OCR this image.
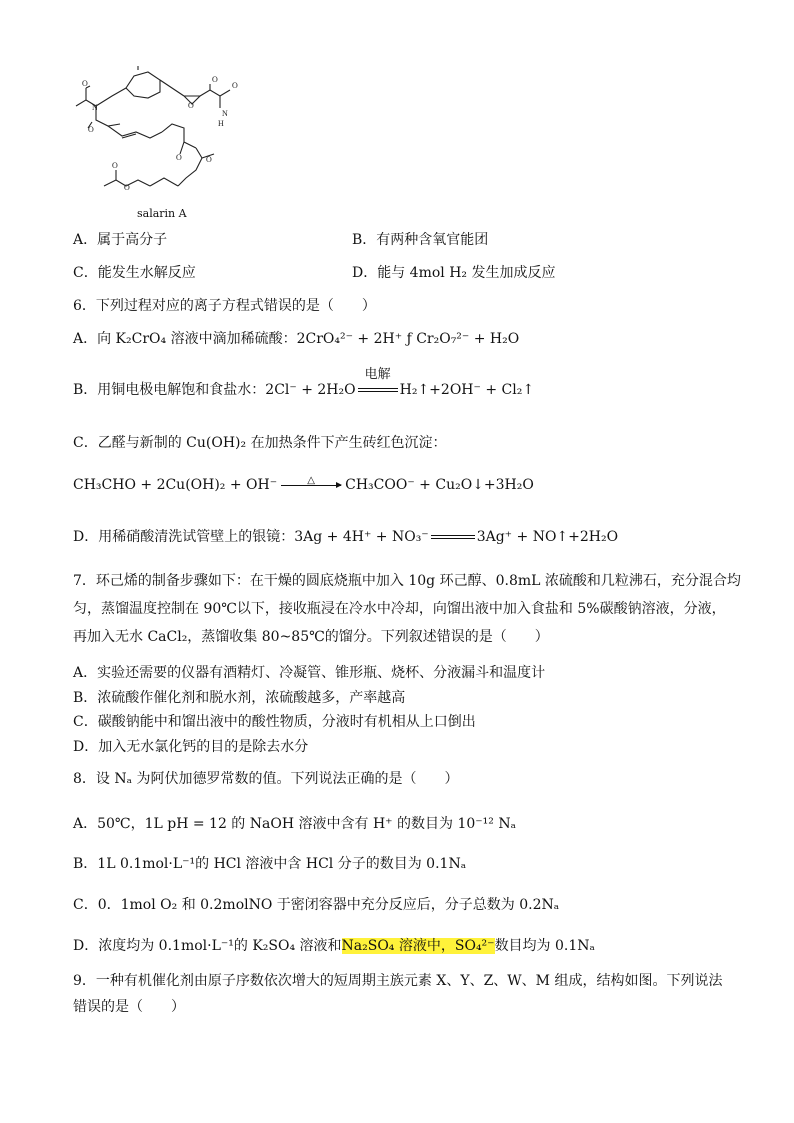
N
O
O
O
O
N
H
O
O	O
O
O
salarin A
A．属于高分子	B．有两种含氧官能团
C．能发生水解反应	D．能与 4mol H₂ 发生加成反应
6．下列过程对应的离子方程式错误的是（　　）
A．向 K₂CrO₄ 溶液中滴加稀硫酸：2CrO₄²⁻ + 2H⁺ ƒ Cr₂O₇²⁻ + H₂O
B．用铜电极电解饱和食盐水：2Cl⁻ + 2H₂O
电解
H₂↑+2OH⁻ + Cl₂↑
C．乙醛与新制的 Cu(OH)₂ 在加热条件下产生砖红色沉淀：
CH₃CHO + 2Cu(OH)₂ + OH⁻	△	CH₃COO⁻ + Cu₂O↓+3H₂O
D．用稀硝酸清洗试管壁上的银镜：3Ag + 4H⁺ + NO₃⁻	3Ag⁺ + NO↑+2H₂O
7．环己烯的制备步骤如下：在干燥的圆底烧瓶中加入 10g 环己醇、0.8mL 浓硫酸和几粒沸石，充分混合均
匀，蒸馏温度控制在 90℃以下，接收瓶浸在冷水中冷却，向馏出液中加入食盐和 5%碳酸钠溶液，分液，
再加入无水 CaCl₂，蒸馏收集 80~85℃的馏分。下列叙述错误的是（　　）
A．实验还需要的仪器有酒精灯、冷凝管、锥形瓶、烧杯、分液漏斗和温度计
B．浓硫酸作催化剂和脱水剂，浓硫酸越多，产率越高
C．碳酸钠能中和馏出液中的酸性物质，分液时有机相从上口倒出
D．加入无水氯化钙的目的是除去水分
8．设 Nₐ 为阿伏加德罗常数的值。下列说法正确的是（　　）
A．50℃，1L pH = 12 的 NaOH 溶液中含有 H⁺ 的数目为 10⁻¹² Nₐ
B．1L 0.1mol·L⁻¹的 HCl 溶液中含 HCl 分子的数目为 0.1Nₐ
C．0．1mol O₂ 和 0.2molNO 于密闭容器中充分反应后，分子总数为 0.2Nₐ
D．浓度均为 0.1mol·L⁻¹的 K₂SO₄ 溶液和Na₂SO₄ 溶液中，SO₄²⁻数目均为 0.1Nₐ
9．一种有机催化剂由原子序数依次增大的短周期主族元素 X、Y、Z、W、M 组成，结构如图。下列说法
错误的是（　　）
